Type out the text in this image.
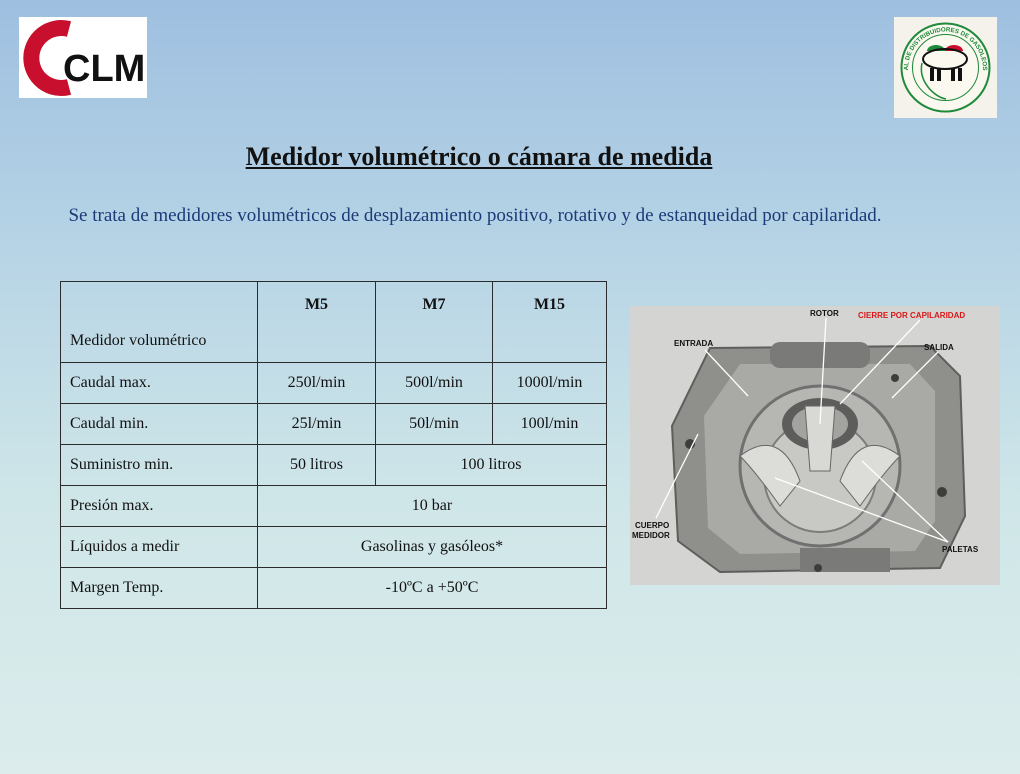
CLM	AL DE DISTRIBUIDORES DE GASOLEOS
Medidor volumétrico o cámara de medida
Se trata de medidores volumétricos de desplazamiento positivo, rotativo y de estanqueidad por capilaridad.
Medidor volumétrico	M5	M7	M15
Caudal max.	250l/min	500l/min	1000l/min
Caudal min.	25l/min	50l/min	100l/min
Suministro min.	50 litros	100 litros	
Presión max.	10 bar		
Líquidos a medir	Gasolinas y gasóleos*		
Margen Temp.	-10ºC a +50ºC		
ENTRADA
ROTOR CIERRE POR CAPILARIDAD
SALIDA
CUERPO
MEDIDOR
PALETAS
